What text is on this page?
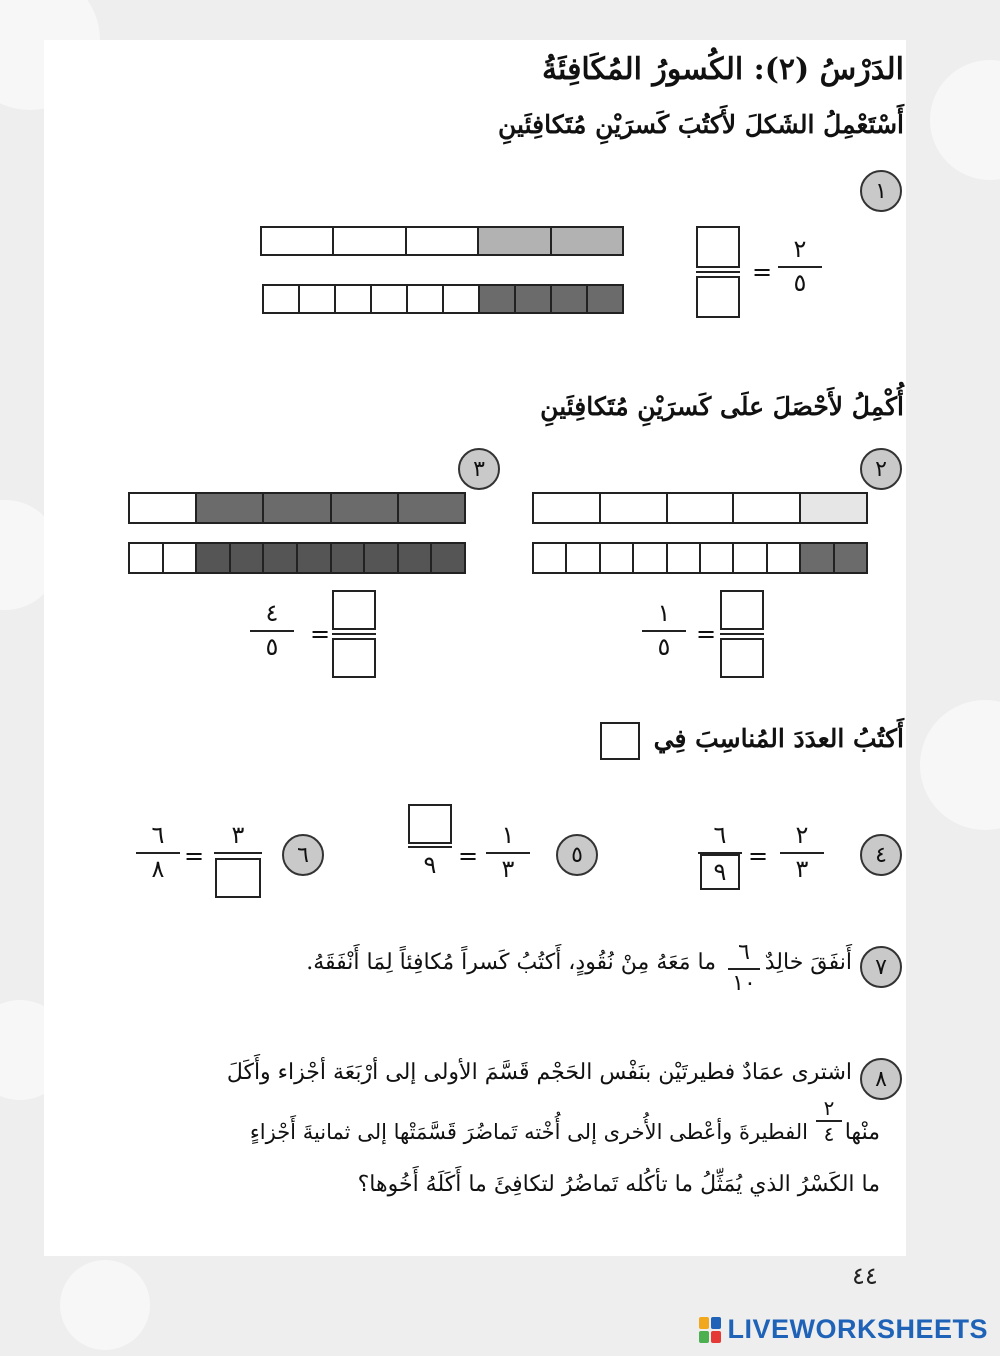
الدَرْسُ (٢): الكُسورُ المُكَافِئَةُ
أَسْتَعْمِلُ الشَكلَ لأَكتُبَ كَسرَيْنِ مُتَكافِئَينِ
١
٢
٥
=
أُكْمِلُ لأَحْصَلَ علَى كَسرَيْنِ مُتَكافِئَينِ
٢
٣
١
٥ =
٤
٥ =
أَكتُبُ العدَدَ المُناسِبَ فِي
٤
٢
٣
=
٦
٩
٥
١
٣
=
٩
٦
٣
=
٦
٨
٧
أَنفَقَ خالِدٌ
٦
١٠
ما مَعَهُ مِنْ نُقُودٍ، أَكتُبُ كَسراً مُكافِئاً لِمَا أَنْفَقَهُ.
٨
اشترى عمَادٌ فطيرتَيْن بنَفْس الحَجْم قَسَّمَ الأولى إلى أرْبَعَة أجْزاء وأَكَلَ
منْها
٢
٤
الفطيرةَ وأعْطى الأُخرى إلى أُخْته تَماضُرَ قَسَّمَتْها إلى ثمانيةَ أَجْزاءٍ
ما الكَسْرُ الذي يُمَثِّلُ ما تأكُله تَماضُرُ لتكافِئَ ما أَكَلَهُ أَخُوها؟
٤٤
LIVEWORKSHEETS
